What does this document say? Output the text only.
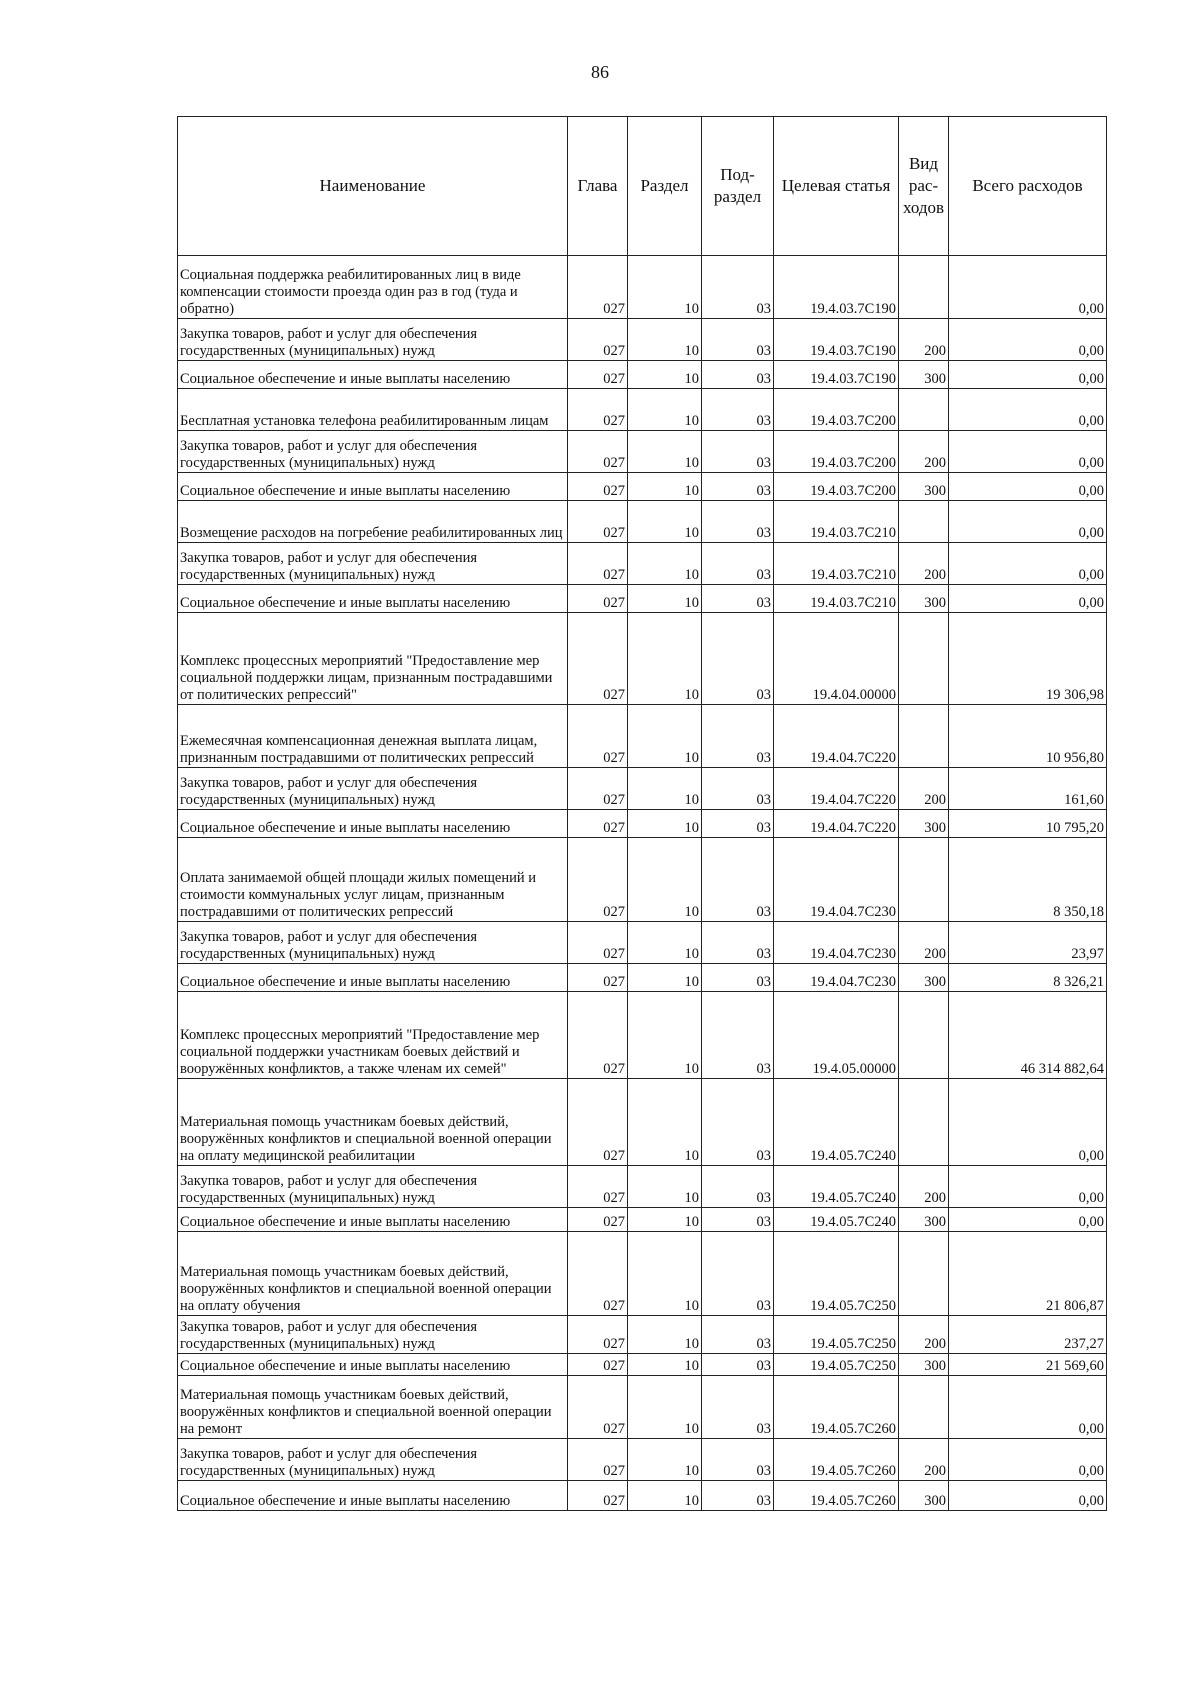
86
Наименование	Глава	Раздел	Под- раздел	Целевая статья	Вид рас- ходов	Всего расходов
Социальная поддержка реабилитированных лиц в виде компенсации стоимости проезда один раз в год (туда и обратно)	027	10	03	19.4.03.7С190		0,00
Закупка товаров, работ и услуг для обеспечения государственных (муниципальных) нужд	027	10	03	19.4.03.7С190	200	0,00
Социальное обеспечение и иные выплаты населению	027	10	03	19.4.03.7С190	300	0,00
Бесплатная установка телефона реабилитированным лицам	027	10	03	19.4.03.7С200		0,00
Закупка товаров, работ и услуг для обеспечения государственных (муниципальных) нужд	027	10	03	19.4.03.7С200	200	0,00
Социальное обеспечение и иные выплаты населению	027	10	03	19.4.03.7С200	300	0,00
Возмещение расходов на погребение реабилитированных лиц	027	10	03	19.4.03.7С210		0,00
Закупка товаров, работ и услуг для обеспечения государственных (муниципальных) нужд	027	10	03	19.4.03.7С210	200	0,00
Социальное обеспечение и иные выплаты населению	027	10	03	19.4.03.7С210	300	0,00
Комплекс процессных мероприятий "Предоставление мер социальной поддержки лицам, признанным пострадавшими от политических репрессий"	027	10	03	19.4.04.00000		19 306,98
Ежемесячная компенсационная денежная выплата лицам, признанным пострадавшими от политических репрессий	027	10	03	19.4.04.7С220		10 956,80
Закупка товаров, работ и услуг для обеспечения государственных (муниципальных) нужд	027	10	03	19.4.04.7С220	200	161,60
Социальное обеспечение и иные выплаты населению	027	10	03	19.4.04.7С220	300	10 795,20
Оплата занимаемой общей площади жилых помещений и стоимости коммунальных услуг лицам, признанным пострадавшими от политических репрессий	027	10	03	19.4.04.7С230		8 350,18
Закупка товаров, работ и услуг для обеспечения государственных (муниципальных) нужд	027	10	03	19.4.04.7С230	200	23,97
Социальное обеспечение и иные выплаты населению	027	10	03	19.4.04.7С230	300	8 326,21
Комплекс процессных мероприятий "Предоставление мер социальной поддержки участникам боевых действий и вооружённых конфликтов, а также членам их семей"	027	10	03	19.4.05.00000		46 314 882,64
Материальная помощь участникам боевых действий, вооружённых конфликтов и специальной военной операции на оплату медицинской реабилитации	027	10	03	19.4.05.7С240		0,00
Закупка товаров, работ и услуг для обеспечения государственных (муниципальных) нужд	027	10	03	19.4.05.7С240	200	0,00
Социальное обеспечение и иные выплаты населению	027	10	03	19.4.05.7С240	300	0,00
Материальная помощь участникам боевых действий, вооружённых конфликтов и специальной военной операции на оплату обучения	027	10	03	19.4.05.7С250		21 806,87
Закупка товаров, работ и услуг для обеспечения государственных (муниципальных) нужд	027	10	03	19.4.05.7С250	200	237,27
Социальное обеспечение и иные выплаты населению	027	10	03	19.4.05.7С250	300	21 569,60
Материальная помощь участникам боевых действий, вооружённых конфликтов и специальной военной операции на ремонт	027	10	03	19.4.05.7С260		0,00
Закупка товаров, работ и услуг для обеспечения государственных (муниципальных) нужд	027	10	03	19.4.05.7С260	200	0,00
Социальное обеспечение и иные выплаты населению	027	10	03	19.4.05.7С260	300	0,00
